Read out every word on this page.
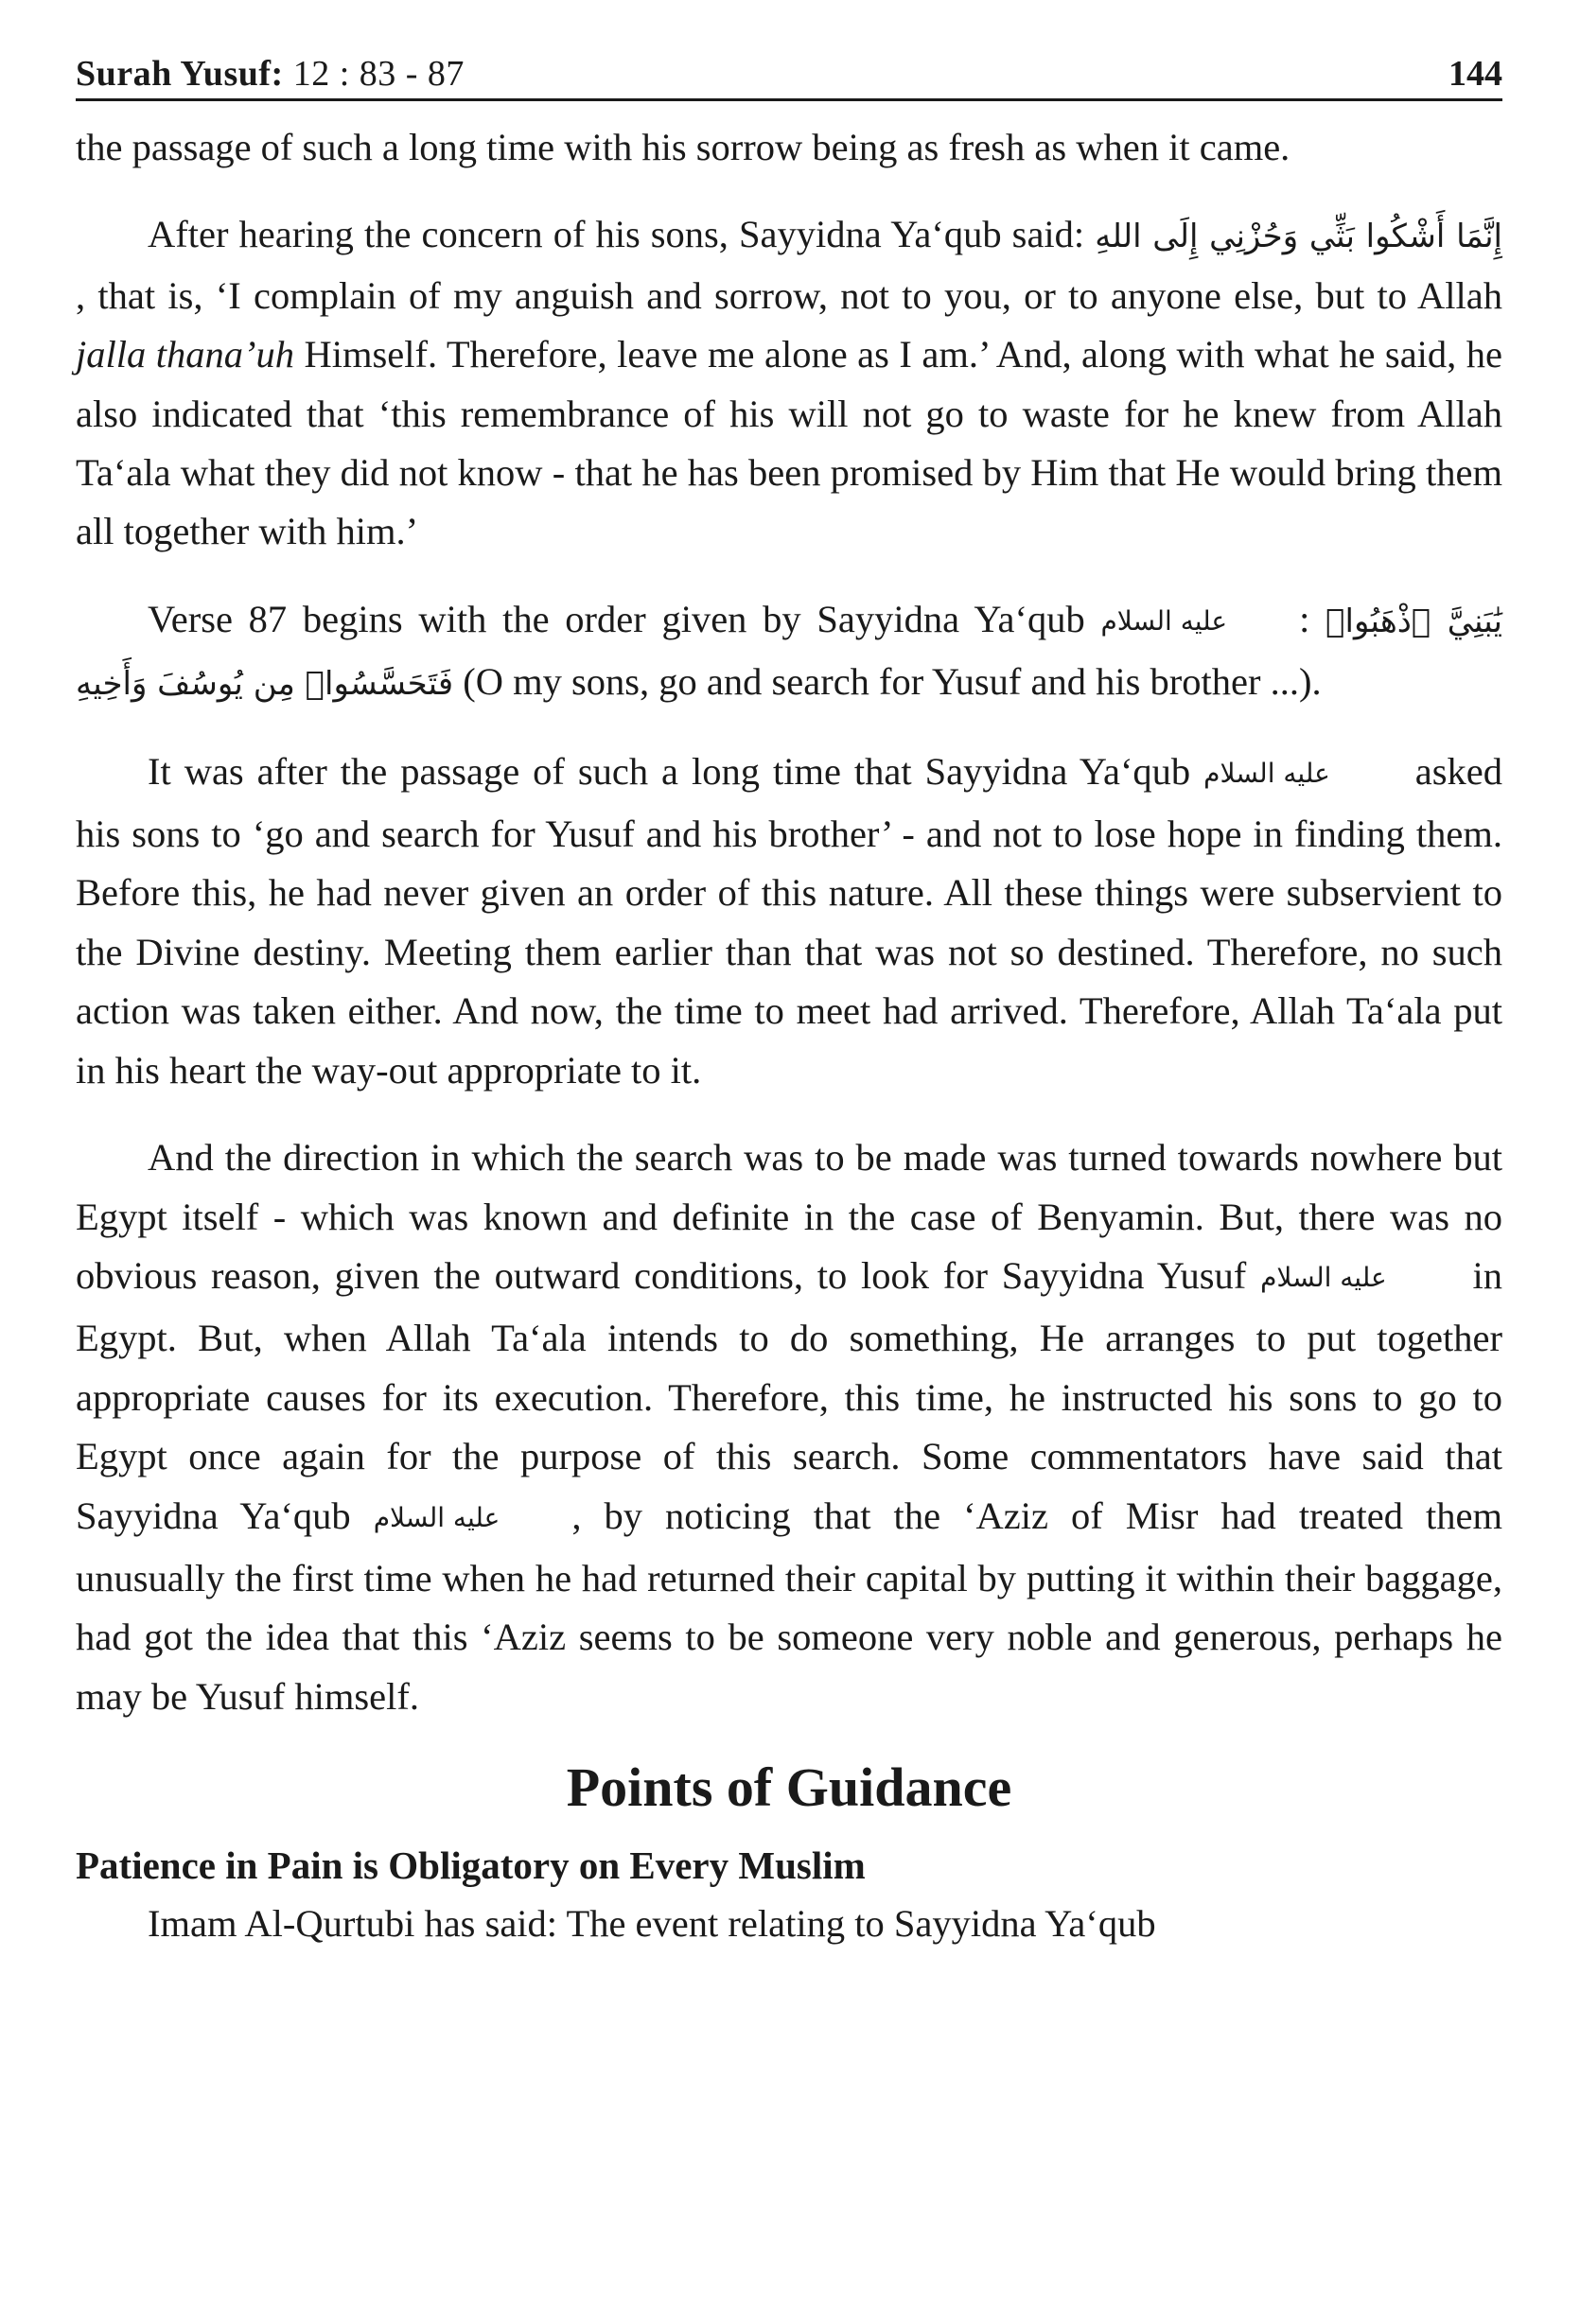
Surah Yusuf: 12 : 83 - 87	144

the passage of such a long time with his sorrow being as fresh as when it came.

After hearing the concern of his sons, Sayyidna Ya‘qub said: إِنَّمَا أَشْكُوا بَثِّي وَحُزْنِي إِلَى اللهِ , that is, ‘I complain of my anguish and sorrow, not to you, or to anyone else, but to Allah jalla thana’uh Himself. Therefore, leave me alone as I am.’ And, along with what he said, he also indicated that ‘this remembrance of his will not go to waste for he knew from Allah Ta‘ala what they did not know - that he has been promised by Him that He would bring them all together with him.’

Verse 87 begins with the order given by Sayyidna Ya‘qub عليه السلام : يَٰبَنِيَّ ٱذْهَبُوا۟ فَتَحَسَّسُوا۟ مِن يُوسُفَ وَأَخِيهِ (O my sons, go and search for Yusuf and his brother ...).

It was after the passage of such a long time that Sayyidna Ya‘qub عليه السلام asked his sons to ‘go and search for Yusuf and his brother’ - and not to lose hope in finding them. Before this, he had never given an order of this nature. All these things were subservient to the Divine destiny. Meeting them earlier than that was not so destined. Therefore, no such action was taken either. And now, the time to meet had arrived. Therefore, Allah Ta‘ala put in his heart the way-out appropriate to it.

And the direction in which the search was to be made was turned towards nowhere but Egypt itself - which was known and definite in the case of Benyamin. But, there was no obvious reason, given the outward conditions, to look for Sayyidna Yusuf عليه السلام in Egypt. But, when Allah Ta‘ala intends to do something, He arranges to put together appropriate causes for its execution. Therefore, this time, he instructed his sons to go to Egypt once again for the purpose of this search. Some commentators have said that Sayyidna Ya‘qub عليه السلام , by noticing that the ‘Aziz of Misr had treated them unusually the first time when he had returned their capital by putting it within their baggage, had got the idea that this ‘Aziz seems to be someone very noble and generous, perhaps he may be Yusuf himself.

Points of Guidance
Patience in Pain is Obligatory on Every Muslim

Imam Al-Qurtubi has said: The event relating to Sayyidna Ya‘qub
